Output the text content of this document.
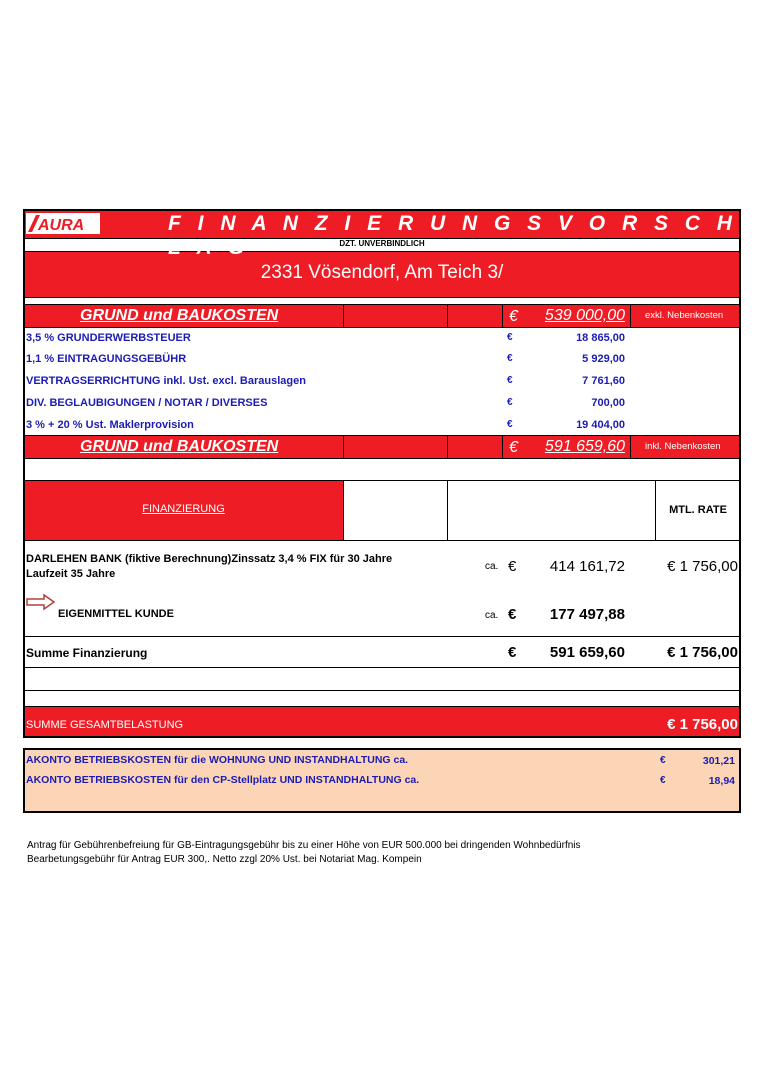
AURA	F I N A N Z I E R U N G S V O R S C H L A G	DZT. UNVERBINDLICH
2331 Vösendorf, Am Teich 3/
GRUND und BAUKOSTEN	€	539 000,00 exkl. Nebenkosten
3,5 % GRUNDERWERBSTEUER	€	18 865,00
1,1 % EINTRAGUNGSGEBÜHR	€	5 929,00
VERTRAGSERRICHTUNG inkl. Ust. excl. Barauslagen	€	7 761,60
DIV. BEGLAUBIGUNGEN / NOTAR / DIVERSES	€	700,00
3 % + 20 % Ust. Maklerprovision	€	19 404,00
GRUND und BAUKOSTEN	€	591 659,60 inkl. Nebenkosten
FINANZIERUNG	MTL. RATE
DARLEHEN BANK (fiktive Berechnung)Zinssatz 3,4 % FIX für 30 Jahre
Laufzeit 35 Jahre
ca. €	414 161,72	€ 1 756,00
EIGENMITTEL KUNDE	ca. €	177 497,88
Summe Finanzierung	€	591 659,60	€ 1 756,00
SUMME GESAMTBELASTUNG	€ 1 756,00
AKONTO BETRIEBSKOSTEN für die WOHNUNG UND INSTANDHALTUNG ca.	€	301,21
AKONTO BETRIEBSKOSTEN für den CP-Stellplatz UND INSTANDHALTUNG ca.	€	18,94
Antrag für Gebührenbefreiung für GB-Eintragungsgebühr bis zu einer Höhe von EUR 500.000 bei dringenden Wohnbedürfnis
Bearbetungsgebühr für Antrag EUR 300,. Netto zzgl 20% Ust. bei Notariat Mag. Kompein
